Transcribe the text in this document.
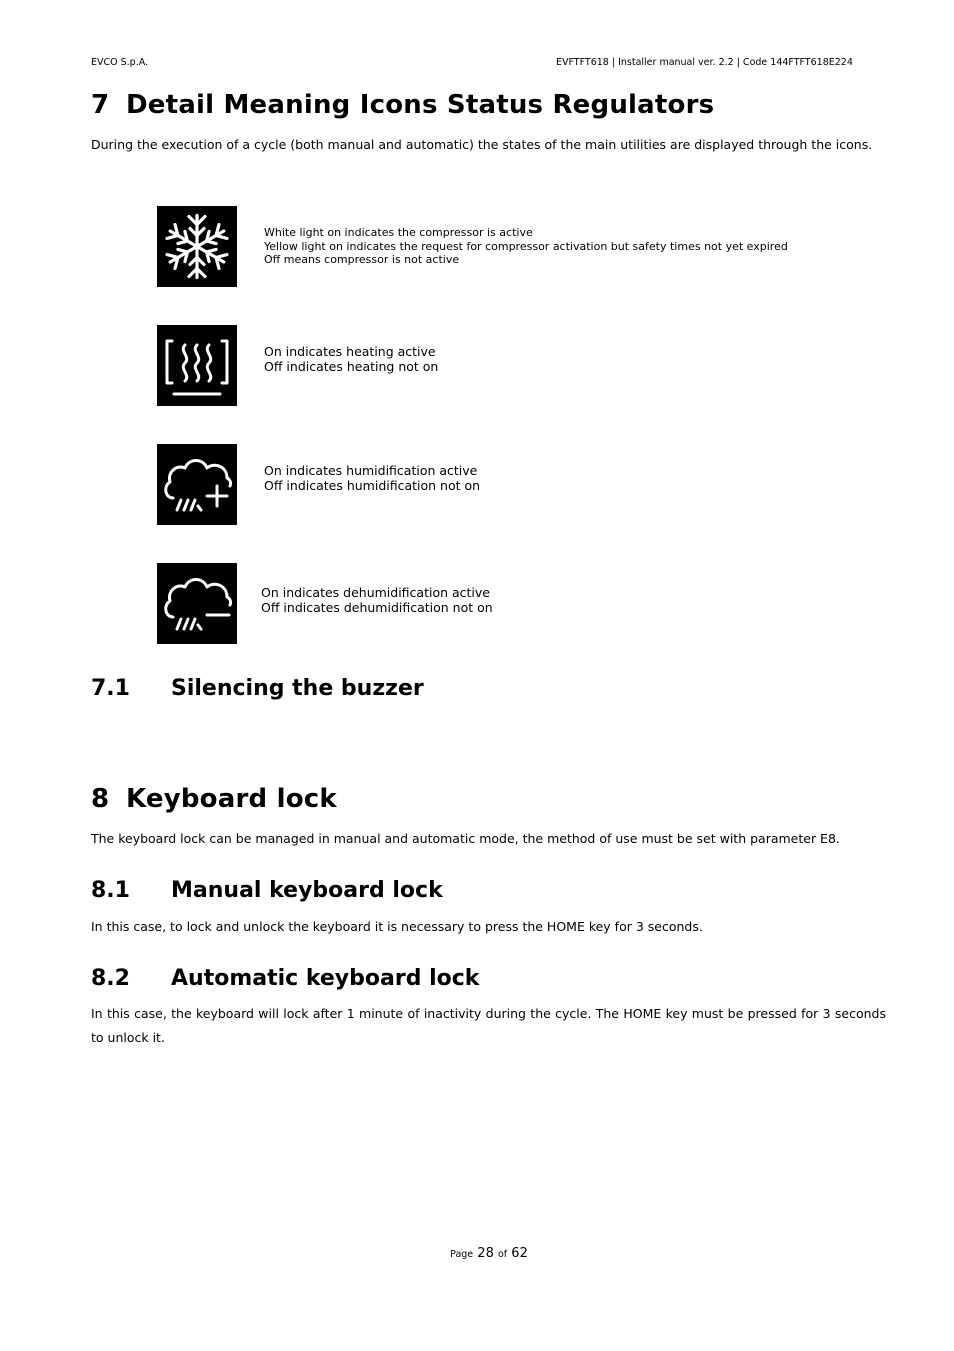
EVCO S.p.A.	EVFTFT618 | Installer manual ver. 2.2 | Code 144FTFT618E224
7 Detail Meaning Icons Status Regulators
During the execution of a cycle (both manual and automatic) the states of the main utilities are displayed through the icons.
White light on indicates the compressor is active
Yellow light on indicates the request for compressor activation but safety times not yet expired
Off means compressor is not active
On indicates heating active
Off indicates heating not on
On indicates humidification active
Off indicates humidification not on
On indicates dehumidification active
Off indicates dehumidification not on
7.1 Silencing the buzzer
8 Keyboard lock
The keyboard lock can be managed in manual and automatic mode, the method of use must be set with parameter E8.
8.1 Manual keyboard lock
In this case, to lock and unlock the keyboard it is necessary to press the HOME key for 3 seconds.
8.2 Automatic keyboard lock
In this case, the keyboard will lock after 1 minute of inactivity during the cycle. The HOME key must be pressed for 3 seconds to unlock it.
Page 28 of 62
